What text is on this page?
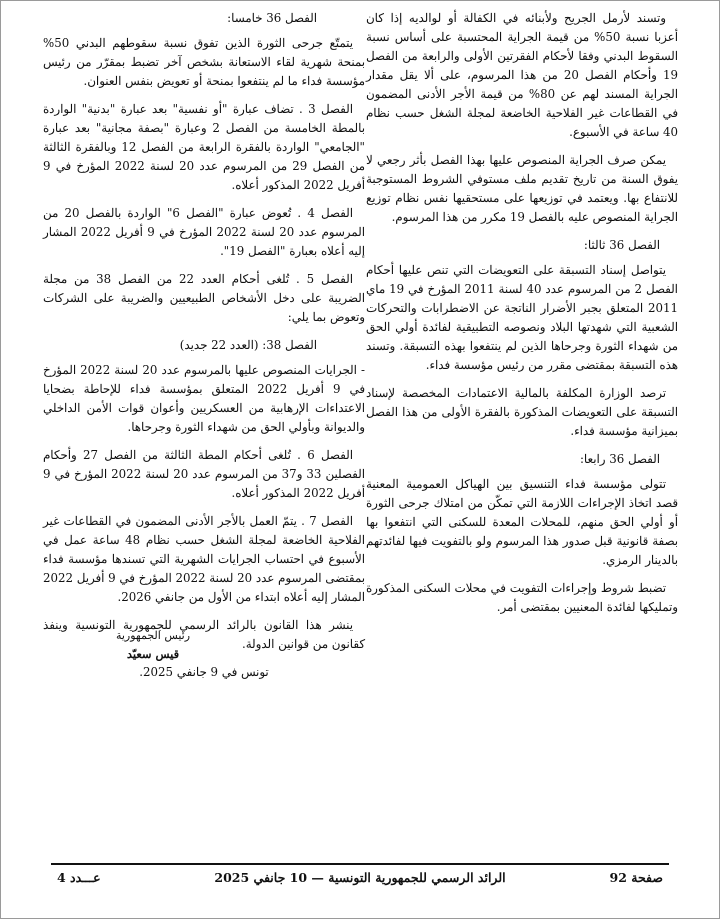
وتسند لأرمل الجريح ولأبنائه في الكفالة أو لوالديه إذا كان أعزبا نسبة 50% من قيمة الجراية المحتسبة على أساس نسبة السقوط البدني وفقا لأحكام الفقرتين الأولى والرابعة من الفصل 19 وأحكام الفصل 20 من هذا المرسوم، على ألا يقل مقدار الجراية المسند لهم عن 80% من قيمة الأجر الأدنى المضمون في القطاعات غير الفلاحية الخاضعة لمجلة الشغل حسب نظام 40 ساعة في الأسبوع.

يمكن صرف الجراية المنصوص عليها بهذا الفصل بأثر رجعي لا يفوق السنة من تاريخ تقديم ملف مستوفي الشروط المستوجبة للانتفاع بها. ويعتمد في توزيعها على مستحقيها نفس نظام توزيع الجراية المنصوص عليه بالفصل 19 مكرر من هذا المرسوم.

الفصل 36 ثالثا:

يتواصل إسناد التسبقة على التعويضات التي تنص عليها أحكام الفصل 2 من المرسوم عدد 40 لسنة 2011 المؤرخ في 19 ماي 2011 المتعلق بجبر الأضرار الناتجة عن الاضطرابات والتحركات الشعبية التي شهدتها البلاد ونصوصه التطبيقية لفائدة أولي الحق من شهداء الثورة وجرحاها الذين لم ينتفعوا بهذه التسبقة. وتسند هذه التسبقة بمقتضى مقرر من رئيس مؤسسة فداء.

ترصد الوزارة المكلفة بالمالية الاعتمادات المخصصة لإسناد التسبقة على التعويضات المذكورة بالفقرة الأولى من هذا الفصل بميزانية مؤسسة فداء.

الفصل 36 رابعا:

تتولى مؤسسة فداء التنسيق بين الهياكل العمومية المعنية قصد اتخاذ الإجراءات اللازمة التي تمكّن من امتلاك جرحى الثورة أو أولي الحق منهم، للمحلات المعدة للسكنى التي انتفعوا بها بصفة قانونية قبل صدور هذا المرسوم ولو بالتفويت فيها لفائدتهم بالدينار الرمزي.

تضبط شروط وإجراءات التفويت في محلات السكنى المذكورة وتمليكها لفائدة المعنيين بمقتضى أمر.

الفصل 36 خامسا:

يتمتّع جرحى الثورة الذين تفوق نسبة سقوطهم البدني 50% بمنحة شهرية لقاء الاستعانة بشخص آخر تضبط بمقرّر من رئيس مؤسسة فداء ما لم ينتفعوا بمنحة أو تعويض بنفس العنوان.

الفصل 3 . تضاف عبارة "أو نفسية" بعد عبارة "بدنية" الواردة بالمطة الخامسة من الفصل 2 وعبارة "بصفة مجانية" بعد عبارة "الجامعي" الواردة بالفقرة الرابعة من الفصل 12 وبالفقرة الثالثة من الفصل 29 من المرسوم عدد 20 لسنة 2022 المؤرخ في 9 أفريل 2022 المذكور أعلاه.

الفصل 4 . تُعوض عبارة "الفصل 6" الواردة بالفصل 20 من المرسوم عدد 20 لسنة 2022 المؤرخ في 9 أفريل 2022 المشار إليه أعلاه بعبارة "الفصل 19".

الفصل 5 . تُلغى أحكام العدد 22 من الفصل 38 من مجلة الضريبة على دخل الأشخاص الطبيعيين والضريبة على الشركات وتعوض بما يلي:

الفصل 38: (العدد 22 جديد)

- الجرايات المنصوص عليها بالمرسوم عدد 20 لسنة 2022 المؤرخ في 9 أفريل 2022 المتعلق بمؤسسة فداء للإحاطة بضحايا الاعتداءات الإرهابية من العسكريين وأعوان قوات الأمن الداخلي والديوانة وبأولي الحق من شهداء الثورة وجرحاها.

الفصل 6 . تُلغى أحكام المطة الثالثة من الفصل 27 وأحكام الفصلين 33 و37 من المرسوم عدد 20 لسنة 2022 المؤرخ في 9 أفريل 2022 المذكور أعلاه.

الفصل 7 . يتمّ العمل بالأجر الأدنى المضمون في القطاعات غير الفلاحية الخاضعة لمجلة الشغل حسب نظام 48 ساعة عمل في الأسبوع في احتساب الجرايات الشهرية التي تسندها مؤسسة فداء بمقتضى المرسوم عدد 20 لسنة 2022 المؤرخ في 9 أفريل 2022 المشار إليه أعلاه ابتداء من الأول من جانفي 2026.

ينشر هذا القانون بالرائد الرسمي للجمهورية التونسية وينفذ كقانون من قوانين الدولة.

تونس في 9 جانفي 2025.

رئيس الجمهورية
قيس سعيّد
عـــدد 4	الرائد الرسمي للجمهورية التونسية — 10 جانفي 2025	صفحة 92
